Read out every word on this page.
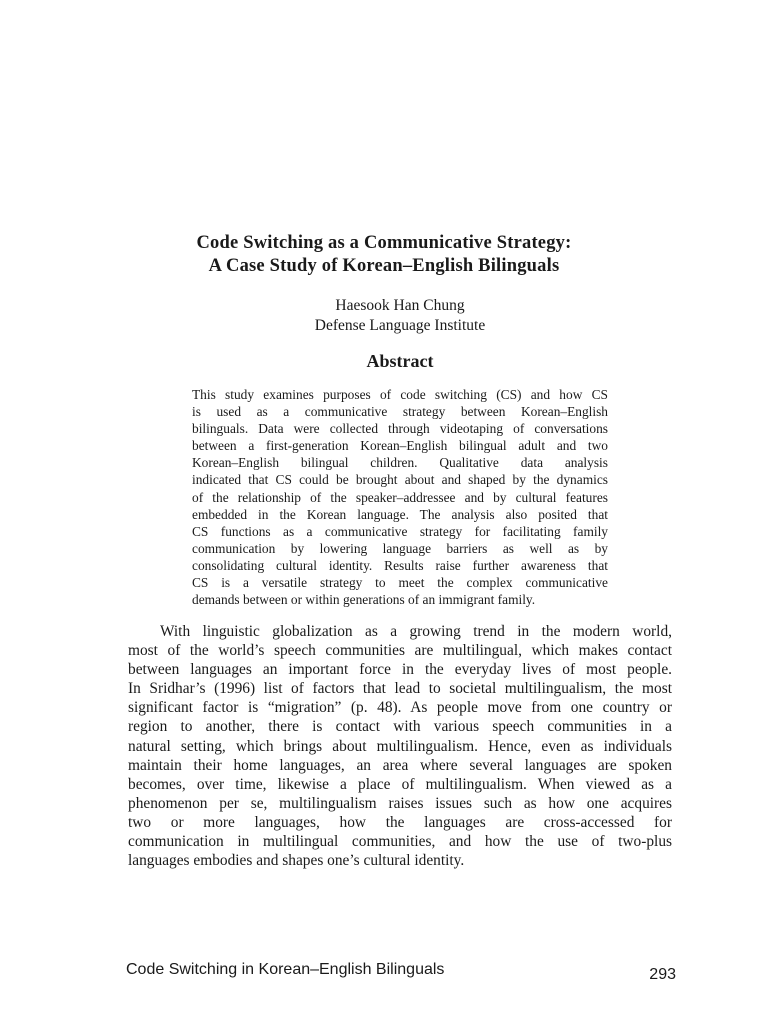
Code Switching as a Communicative Strategy:
A Case Study of Korean–English Bilinguals
Haesook Han Chung
Defense Language Institute
Abstract
This study examines purposes of code switching (CS) and how CS
is used as a communicative strategy between Korean–English
bilinguals. Data were collected through videotaping of conversations
between a first-generation Korean–English bilingual adult and two
Korean–English bilingual children. Qualitative data analysis
indicated that CS could be brought about and shaped by the dynamics
of the relationship of the speaker–addressee and by cultural features
embedded in the Korean language. The analysis also posited that
CS functions as a communicative strategy for facilitating family
communication by lowering language barriers as well as by
consolidating cultural identity. Results raise further awareness that
CS is a versatile strategy to meet the complex communicative
demands between or within generations of an immigrant family.
With linguistic globalization as a growing trend in the modern world,
most of the world’s speech communities are multilingual, which makes contact
between languages an important force in the everyday lives of most people.
In Sridhar’s (1996) list of factors that lead to societal multilingualism, the most
significant factor is “migration” (p. 48). As people move from one country or
region to another, there is contact with various speech communities in a
natural setting, which brings about multilingualism. Hence, even as individuals
maintain their home languages, an area where several languages are spoken
becomes, over time, likewise a place of multilingualism. When viewed as a
phenomenon per se, multilingualism raises issues such as how one acquires
two or more languages, how the languages are cross-accessed for
communication in multilingual communities, and how the use of two-plus
languages embodies and shapes one’s cultural identity.
Code Switching in Korean–English Bilinguals	293
